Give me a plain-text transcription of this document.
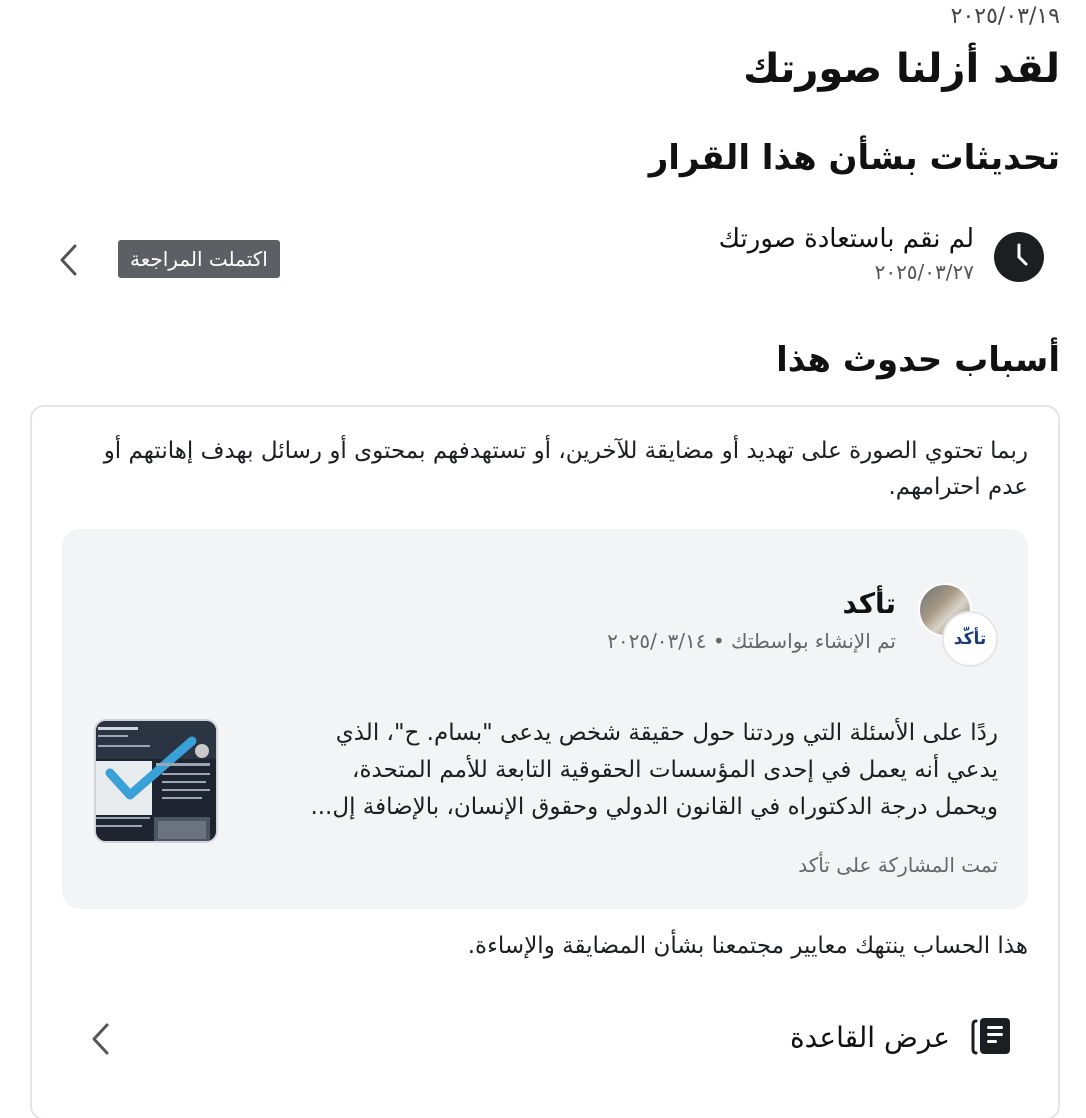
٢٠٢٥/٠٣/١٩
لقد أزلنا صورتك
تحديثات بشأن هذا القرار
لم نقم باستعادة صورتك
٢٠٢٥/٠٣/٢٧
اكتملت المراجعة
أسباب حدوث هذا

ربما تحتوي الصورة على تهديد أو مضايقة للآخرين، أو تستهدفهم بمحتوى أو رسائل بهدف إهانتهم أو عدم احترامهم.

تأكّد
تأكد
تم الإنشاء بواسطتك • ٢٠٢٥/٠٣/١٤

ردًا على الأسئلة التي وردتنا حول حقيقة شخص يدعى "بسام. ح"، الذي يدعي أنه يعمل في إحدى المؤسسات الحقوقية التابعة للأمم المتحدة، ويحمل درجة الدكتوراه في القانون الدولي وحقوق الإنسان، بالإضافة إل...

تمت المشاركة على تأكد

هذا الحساب ينتهك معايير مجتمعنا بشأن المضايقة والإساءة.

عرض القاعدة
